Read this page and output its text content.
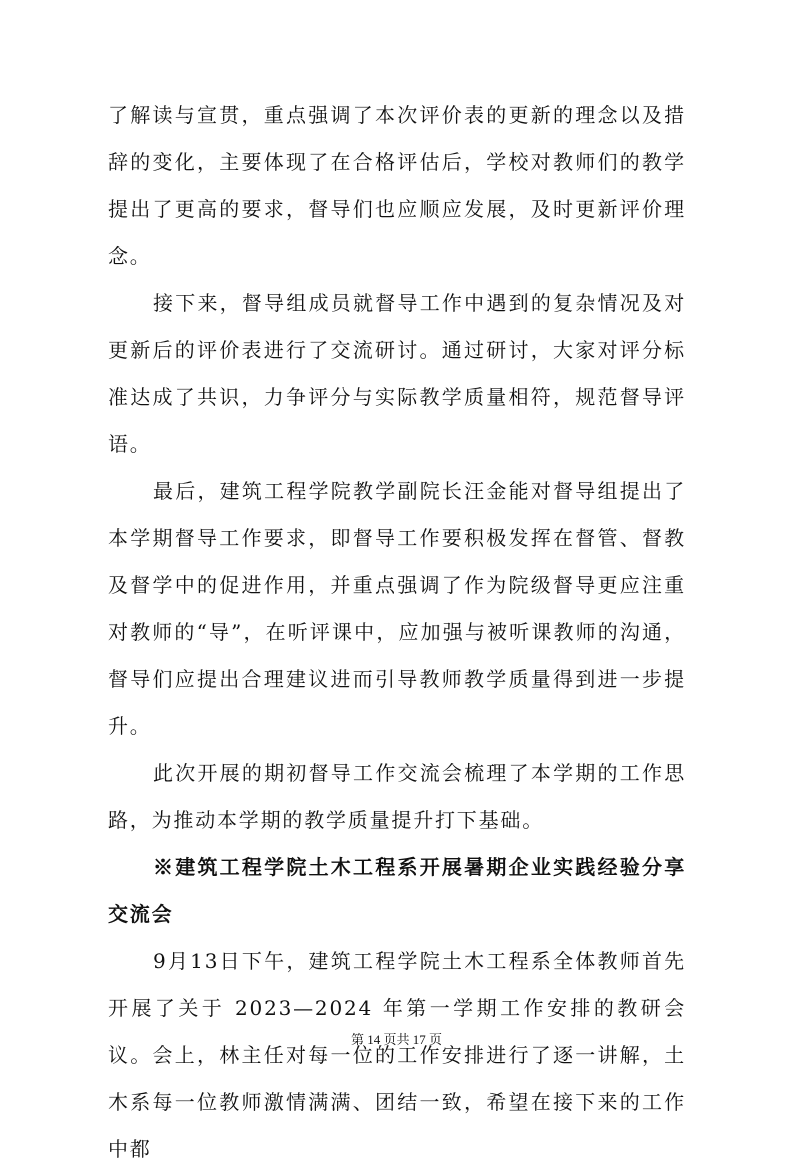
了解读与宣贯，重点强调了本次评价表的更新的理念以及措辞的变化，主要体现了在合格评估后，学校对教师们的教学提出了更高的要求，督导们也应顺应发展，及时更新评价理念。

接下来，督导组成员就督导工作中遇到的复杂情况及对更新后的评价表进行了交流研讨。通过研讨，大家对评分标准达成了共识，力争评分与实际教学质量相符，规范督导评语。

最后，建筑工程学院教学副院长汪金能对督导组提出了本学期督导工作要求，即督导工作要积极发挥在督管、督教及督学中的促进作用，并重点强调了作为院级督导更应注重对教师的“导”，在听评课中，应加强与被听课教师的沟通，督导们应提出合理建议进而引导教师教学质量得到进一步提升。

此次开展的期初督导工作交流会梳理了本学期的工作思路，为推动本学期的教学质量提升打下基础。

※建筑工程学院土木工程系开展暑期企业实践经验分享交流会

9月13日下午，建筑工程学院土木工程系全体教师首先开展了关于 2023—2024 年第一学期工作安排的教研会议。会上，林主任对每一位的工作安排进行了逐一讲解，土木系每一位教师激情满满、团结一致，希望在接下来的工作中都

第 14 页共 17 页
